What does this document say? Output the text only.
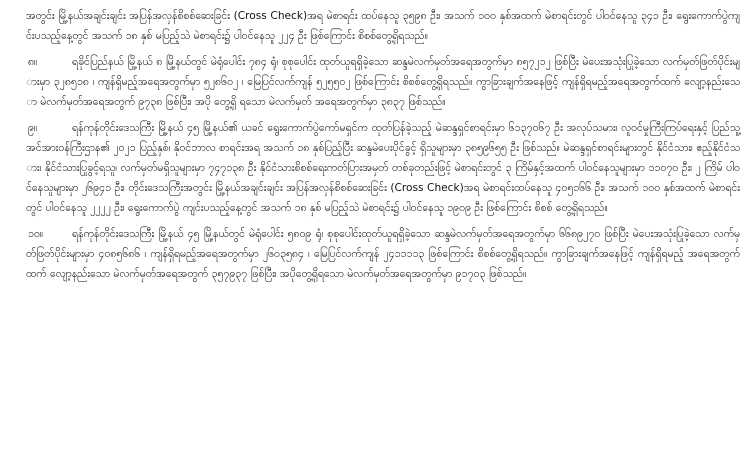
အတွင်း မြို့နယ်အချင်းချင်း အပြန်အလှန်စိစစ်ဆေးခြင်း (Cross Check)အရ မဲစာရင်း ထပ်နေသူ ၃၅၉၈ ဦး၊ အသက် ၁၀၀ နှစ်အထက် မဲစာရင်းတွင် ပါဝင်နေသူ ၃၄၁ ဦး၊ ရွေးကောက်ပွဲကျင်းပသည့်နေ့တွင် အသက် ၁၈ နှစ် မပြည့်သဲ မဲစာရင်း၌ ပါဝင်နေသူ ၂၂၄ ဦး ဖြစ်ကြောင်း စိစစ်တွေ့ရှိရသည်။

၈။	ရခိုင်ပြည်နယ် မြို့နယ် ၈ မြို့နယ်တွင် မဲရုံပေါင်း ၇၈၄ ရုံ၊ စုစုပေါင်း ထုတ်ယူရရှိခဲ့သော ဆန္ဒမဲလက်မှတ်အရေအတွက်မှာ ၈၅၇၂၁၂ ဖြစ်ပြီး မဲပေးအသုံးပြုခဲ့သော လက်မှတ်ဖြတ်ပိုင်းများမှာ ၃၂၈၅၁၈ ၊ ကျန်ရှိမည့်အရေအတွက်မှာ ၅၂၈၆၀၂ ၊ မြေပြင်လက်ကျန် ၅၂၅၅၀၂ ဖြစ်ကြောင်း စိစစ်တွေ့ရှိရသည်။ ကွာခြားချက်အနေဖြင့် ကျန်ရှိရမည့်အရေအတွက်ထက် လျော့နည်းသော မဲလက်မှတ်အရေအတွက် ၉၇၃၈ ဖြစ်ပြီး၊ အပို တွေ့ရှိ ရသော မဲလက်မှတ် အရေအတွက်မှာ ၃၈၃၇ ဖြစ်သည်။

၉။	ရန်ကုန်တိုင်းဒေသကြီး မြို့နယ် ၄၅ မြို့နယ်၏ ယခင် ရွေးကောက်ပွဲကော်မရှင်က ထုတ်ပြန်ခဲ့သည့် မဲဆန္ဒရှင်စာရင်းမှာ ၆၁၃၇၀၆၇ ဦး အလုပ်သမား၊ လူဝင်မှုကြီးကြပ်ရေးနှင့် ပြည်သူ့အင်အားဝန်ကြီးဌာန၏ ၂၀၂၁ ပြည့်နှစ်၊ နိုဝင်ဘာလ စာရင်းအရ အသက် ၁၈ နှစ်ပြည့်ပြီး ဆန္ဒမဲပေးပိုင်ခွင့် ရှိသူများမှာ ၃၈၅၉၆၅၅ ဦး ဖြစ်သည်။ မဲဆန္ဒရှင်စာရင်းများတွင် နိုင်ငံသား၊ ဧည့်နိုင်ငံသား၊ နိုင်ငံသားပြုခွင့်ရသူ၊ လက်မှတ်မရှိသူများမှာ ၇၄၇၁၃၈ ဦး နိုင်ငံသားစိစစ်ရေးကတ်ပြားအမှတ် တစ်ခုတည်းဖြင့် မဲစာရင်းတွင် ၃ ကြိမ်နှင့်အထက် ပါဝင်နေသူများမှာ ၁၁၀၇၀ ဦး၊ ၂ ကြိမ် ပါဝင်နေသူများမှာ ၂၆၉၄၁ ဦး၊ တိုင်းဒေသကြီးအတွင်း မြို့နယ်အချင်းချင်း အပြန်အလှန်စိစစ်ဆေးခြင်း (Cross Check)အရ မဲစာရင်းထပ်နေသူ ၄၀၅၁၆၆ ဦး၊ အသက် ၁၀၀ နှစ်အထက် မဲစာရင်းတွင် ပါဝင်နေသူ ၂၂၂၂ ဦး၊ ရွေးကောက်ပွဲ ကျင်းပသည့်နေ့တွင် အသက် ၁၈ နှစ် မပြည့်သဲ မဲစာရင်း၌ ပါဝင်နေသူ ၁၉၀၉ ဦး ဖြစ်ကြောင်း စိစစ် တွေ့ရှိရသည်။

၁၀။	ရန်ကုန်တိုင်းဒေသကြီး မြို့နယ် ၄၅ မြို့နယ်တွင် မဲရုံပေါင်း ၅၈၀၉ ရုံ၊ စုစုပေါင်းထုတ်ယူရရှိခဲ့သော ဆန္ဒမဲလက်မှတ်အရေအတွက်မှာ ၆၆၈၉၂၇၀ ဖြစ်ပြီး မဲပေးအသုံးပြုခဲ့သော လက်မှတ်ဖြတ်ပိုင်းများမှာ ၄၀၈၅၆၈၆ ၊ ကျန်ရှိရမည့်အရေအတွက်မှာ ၂၆၀၃၅၈၄ ၊ မြေပြင်လက်ကျန် ၂၄၁၁၁၁၃ ဖြစ်ကြောင်း စိစစ်တွေ့ရှိရသည်။ ကွာခြားချက်အနေဖြင့် ကျန်ရှိရမည့် အရေအတွက်ထက် လျော့နည်းသော မဲလက်မှတ်အရေအတွက် ၃၅၇၉၃၇ ဖြစ်ပြီး၊ အပိုတွေ့ရှိရသော မဲလက်မှတ်အရေအတွက်မှာ ၉၁၇၀၃ ဖြစ်သည်။
